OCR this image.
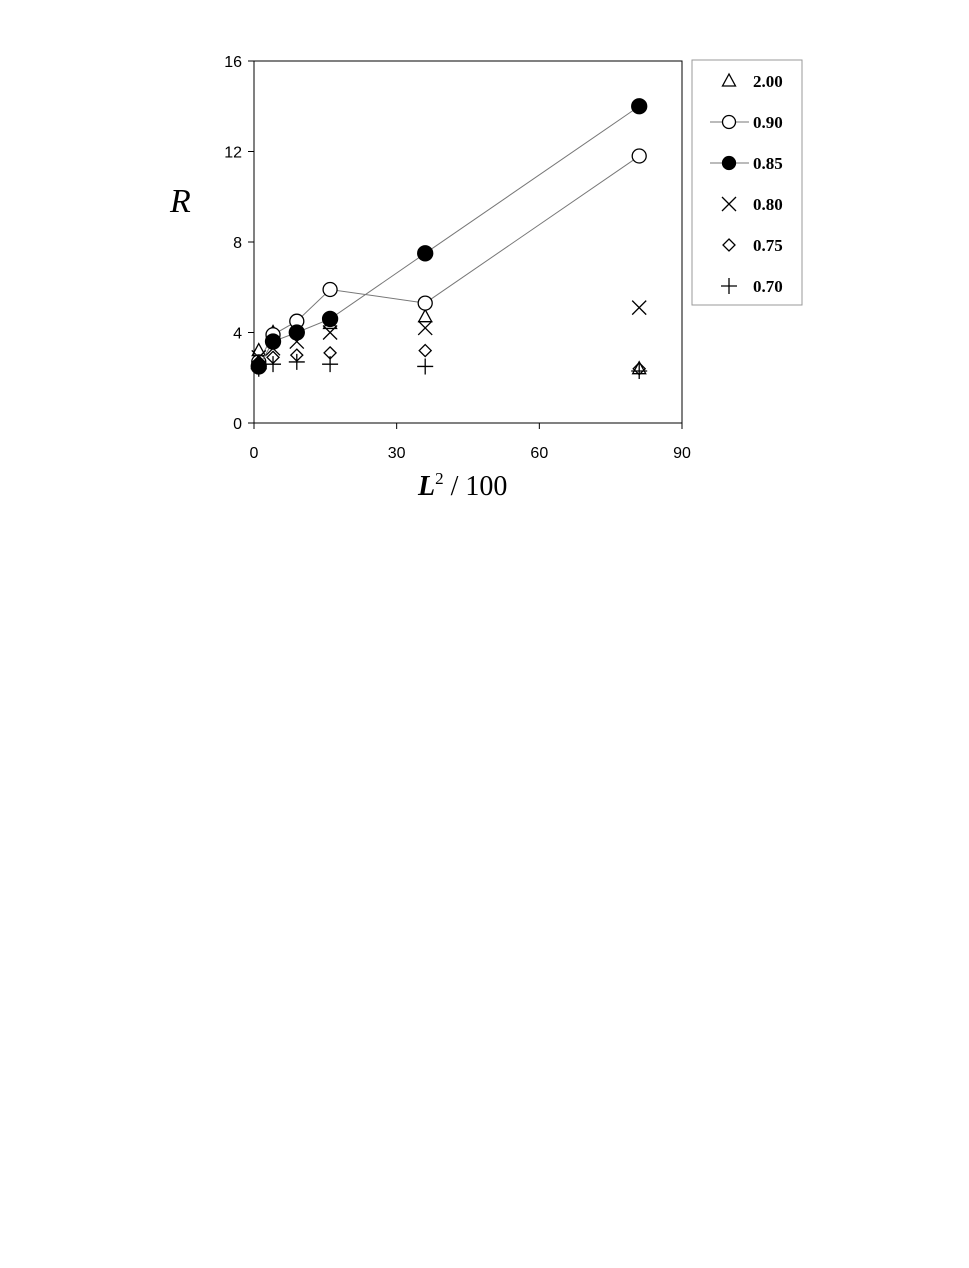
0
4
8
12
16
0	30	60	90
2.00
0.90
0.85
0.80
0.75
0.70
R
$L^2 / 100$
